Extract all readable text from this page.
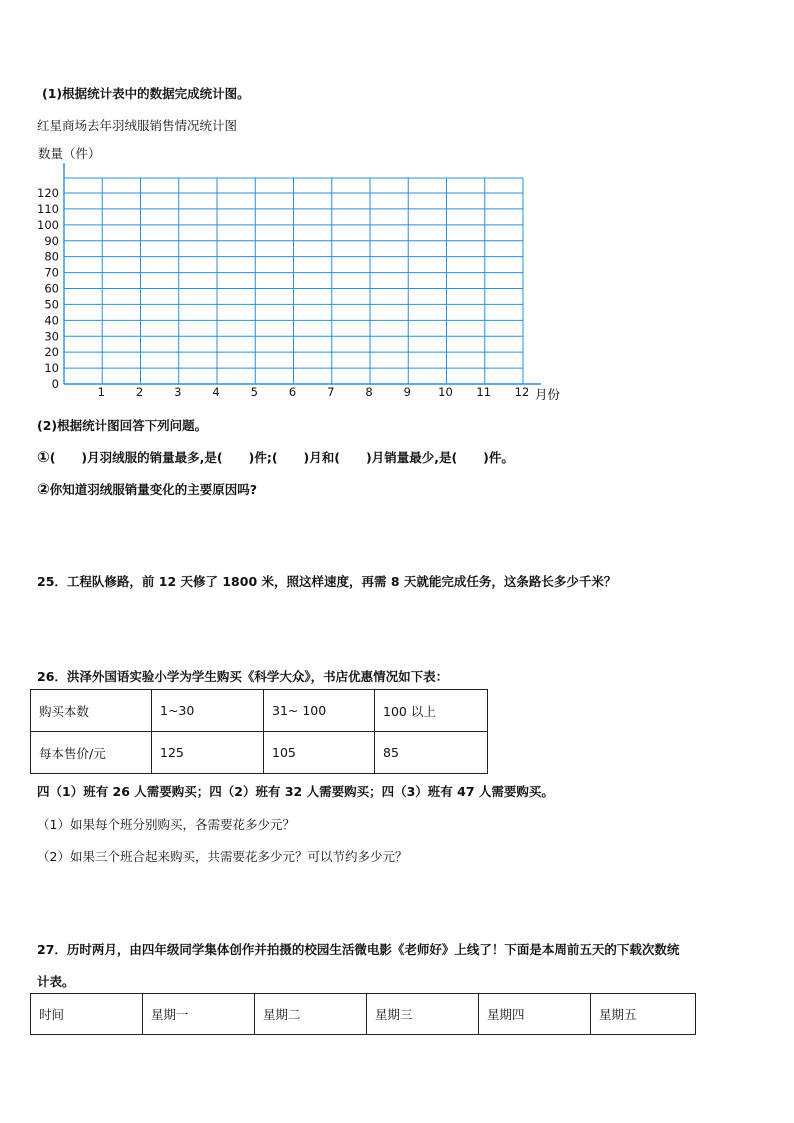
(1)根据统计表中的数据完成统计图。
红星商场去年羽绒服销售情况统计图
数量（件）
0
10
20
30
40
50
60
70
80
90
100
110
120
1	2	3	4	5	6	7	8	9 10 11 12 月份
(2)根据统计图回答下列问题。
①( )月羽绒服的销量最多,是( )件;( )月和( )月销量最少,是( )件。
②你知道羽绒服销量变化的主要原因吗?
25．工程队修路，前 12 天修了 1800 米，照这样速度，再需 8 天就能完成任务，这条路长多少千米？
26．洪泽外国语实验小学为学生购买《科学大众》，书店优惠情况如下表：
购买本数	1~30	31~ 100	100 以上
每本售价/元	125	105	85
四（1）班有 26 人需要购买；四（2）班有 32 人需要购买；四（3）班有 47 人需要购买。
（1）如果每个班分别购买，各需要花多少元？
（2）如果三个班合起来购买，共需要花多少元？可以节约多少元？
27．历时两月，由四年级同学集体创作并拍摄的校园生活微电影《老师好》上线了！下面是本周前五天的下载次数统
计表。
时间	星期一	星期二	星期三	星期四	星期五
